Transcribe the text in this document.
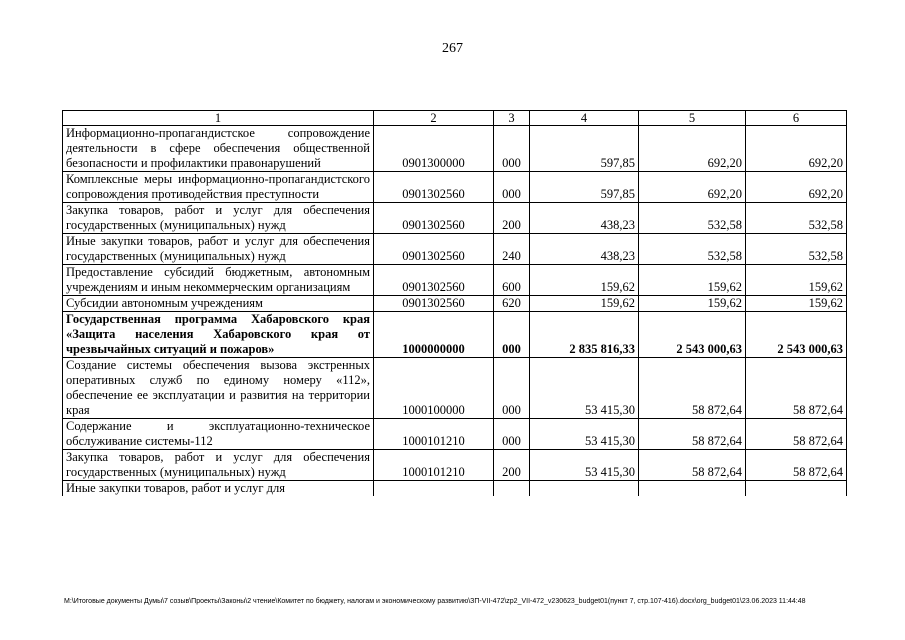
267
1	2	3	4	5	6
Информационно-пропагандистское сопровождение деятельности в сфере обеспечения общественной безопасности и профилактики правонарушений	0901300000	000	597,85	692,20	692,20
Комплексные меры информационно-пропагандистского сопровождения противодействия преступности	0901302560	000	597,85	692,20	692,20
Закупка товаров, работ и услуг для обеспечения государственных (муниципальных) нужд	0901302560	200	438,23	532,58	532,58
Иные закупки товаров, работ и услуг для обеспечения государственных (муниципальных) нужд	0901302560	240	438,23	532,58	532,58
Предоставление субсидий бюджетным, автономным учреждениям и иным некоммерческим организациям	0901302560	600	159,62	159,62	159,62
Субсидии автономным учреждениям	0901302560	620	159,62	159,62	159,62
Государственная программа Хабаровского края «Защита населения Хабаровского края от чрезвычайных ситуаций и пожаров»	1000000000	000	2 835 816,33	2 543 000,63	2 543 000,63
Создание системы обеспечения вызова экстренных оперативных служб по единому номеру «112», обеспечение ее эксплуатации и развития на территории края	1000100000	000	53 415,30	58 872,64	58 872,64
Содержание и эксплуатационно-техническое обслуживание системы-112	1000101210	000	53 415,30	58 872,64	58 872,64
Закупка товаров, работ и услуг для обеспечения государственных (муниципальных) нужд	1000101210	200	53 415,30	58 872,64	58 872,64
Иные закупки товаров, работ и услуг для					
M:\Итоговые документы Думы\7 созыв\Проекты\Законы\2 чтение\Комитет по бюджету, налогам и экономическому развитию\ЗП-VII-472\zp2_VII-472_v230623_budget01(пункт 7, стр.107-416).docx\org_budget01\23.06.2023 11:44:48
